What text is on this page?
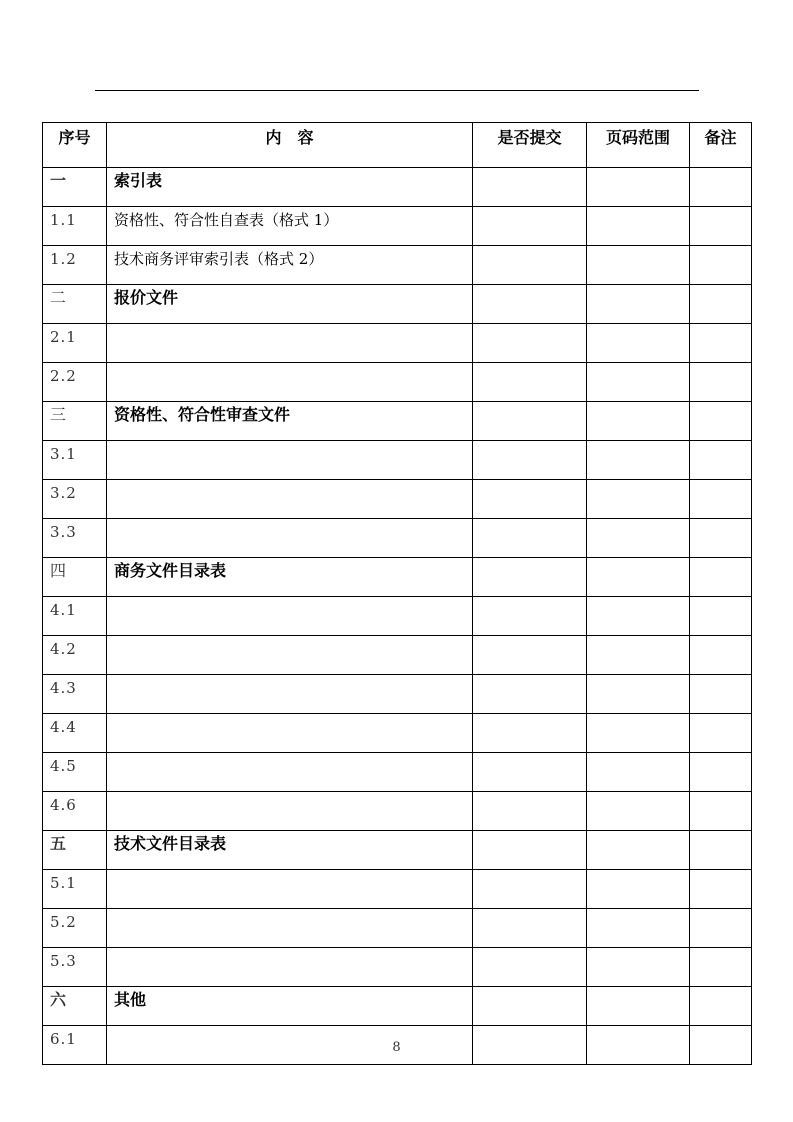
序号	内　容	是否提交	页码范围	备注
一	索引表			
1.1	资格性、符合性自查表（格式 1）			
1.2	技术商务评审索引表（格式 2）			
二	报价文件			
2.1				
2.2				
三	资格性、符合性审查文件			
3.1				
3.2				
3.3				
四	商务文件目录表			
4.1				
4.2				
4.3				
4.4				
4.5				
4.6				
五	技术文件目录表			
5.1				
5.2				
5.3				
六	其他			
6.1					8
